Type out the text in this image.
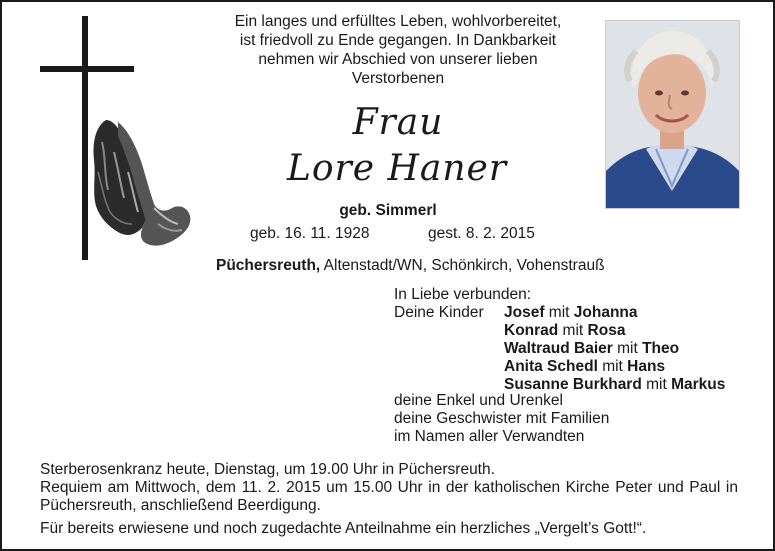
Ein langes und erfülltes Leben, wohlvorbereitet,
ist friedvoll zu Ende gegangen. In Dankbarkeit
nehmen wir Abschied von unserer lieben
Verstorbenen

Frau
Lore Haner
geb. Simmerl
geb. 16. 11. 1928	gest. 8. 2. 2015
Püchersreuth, Altenstadt/WN, Schönkirch, Vohenstrauß
In Liebe verbunden:
Deine Kinder Josef mit Johanna
Konrad mit Rosa
Waltraud Baier mit Theo
Anita Schedl mit Hans
Susanne Burkhard mit Markus
deine Enkel und Urenkel
deine Geschwister mit Familien
im Namen aller Verwandten

Sterberosenkranz heute, Dienstag, um 19.00 Uhr in Püchersreuth.

Requiem am Mittwoch, dem 11. 2. 2015 um 15.00 Uhr in der katholischen Kirche Peter und Paul in Püchersreuth, anschließend Beerdigung.

Für bereits erwiesene und noch zugedachte Anteilnahme ein herzliches „Vergelt’s Gott!“.
